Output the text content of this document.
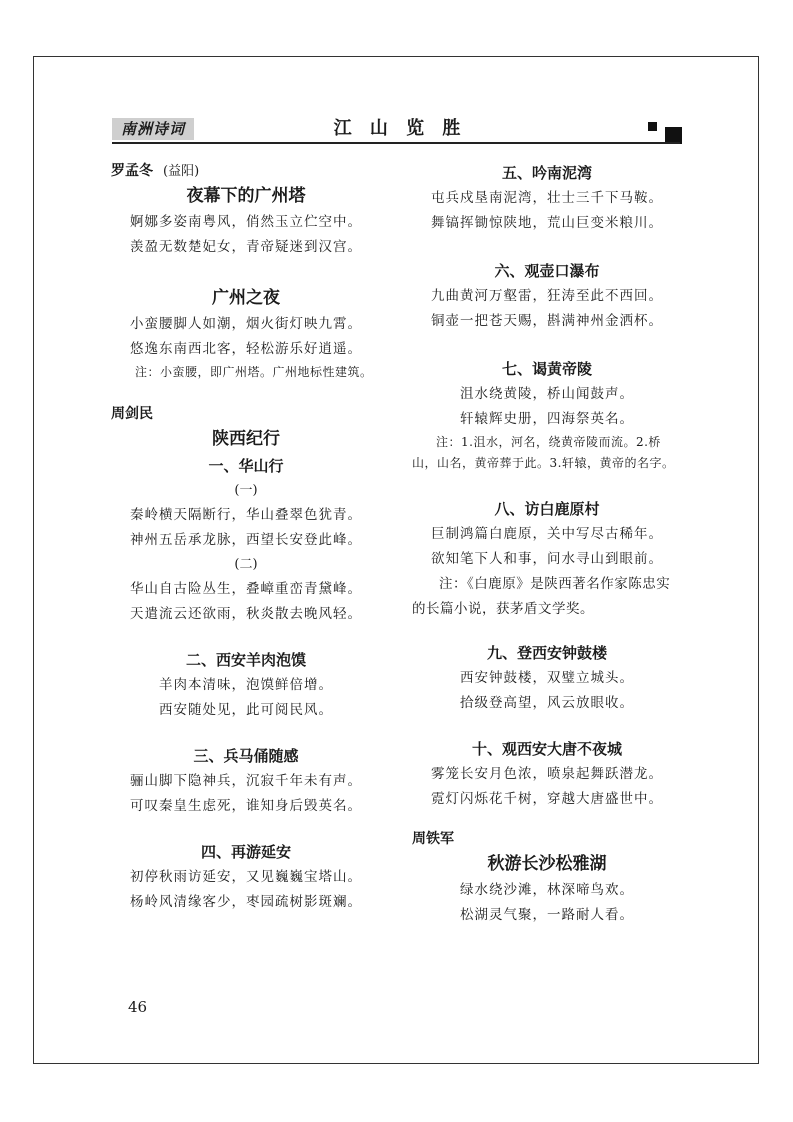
南洲诗词	江 山 览 胜
罗孟冬 (益阳)
夜幕下的广州塔
婀娜多姿南粤风，俏然玉立伫空中。
羡盈无数楚妃女，青帝疑迷到汉宫。
广州之夜
小蛮腰脚人如潮，烟火街灯映九霄。
悠逸东南西北客，轻松游乐好逍遥。
注：小蛮腰，即广州塔。广州地标性建筑。
周剑民
陕西纪行
一、华山行
(一)
秦岭横天隔断行，华山叠翠色犹青。
神州五岳承龙脉，西望长安登此峰。
(二)
华山自古险丛生，叠嶂重峦青黛峰。
天遣流云还欲雨，秋炎散去晚风轻。
二、西安羊肉泡馍
羊肉本清味，泡馍鲜倍增。
西安随处见，此可阅民风。
三、兵马俑随感
骊山脚下隐神兵，沉寂千年未有声。
可叹秦皇生虑死，谁知身后毁英名。
四、再游延安
初停秋雨访延安，又见巍巍宝塔山。
杨岭风清缘客少，枣园疏树影斑斓。
五、吟南泥湾
屯兵戍垦南泥湾，壮士三千下马鞍。
舞镐挥锄惊陕地，荒山巨变米粮川。
六、观壶口瀑布
九曲黄河万壑雷，狂涛至此不西回。
铜壶一把苍天赐，斟满神州金洒杯。
七、谒黄帝陵
沮水绕黄陵，桥山闻鼓声。
轩辕辉史册，四海祭英名。
注：1.沮水，河名，绕黄帝陵而流。2.桥山，山名，黄帝葬于此。3.轩辕，黄帝的名字。
八、访白鹿原村
巨制鸿篇白鹿原，关中写尽古稀年。
欲知笔下人和事，问水寻山到眼前。
注：《白鹿原》是陕西著名作家陈忠实的长篇小说，获茅盾文学奖。
九、登西安钟鼓楼
西安钟鼓楼，双璧立城头。
拾级登高望，风云放眼收。
十、观西安大唐不夜城
雾笼长安月色浓，喷泉起舞跃潜龙。
霓灯闪烁花千树，穿越大唐盛世中。
周铁军
秋游长沙松雅湖
绿水绕沙滩，林深啼鸟欢。
松湖灵气聚，一路耐人看。
46
